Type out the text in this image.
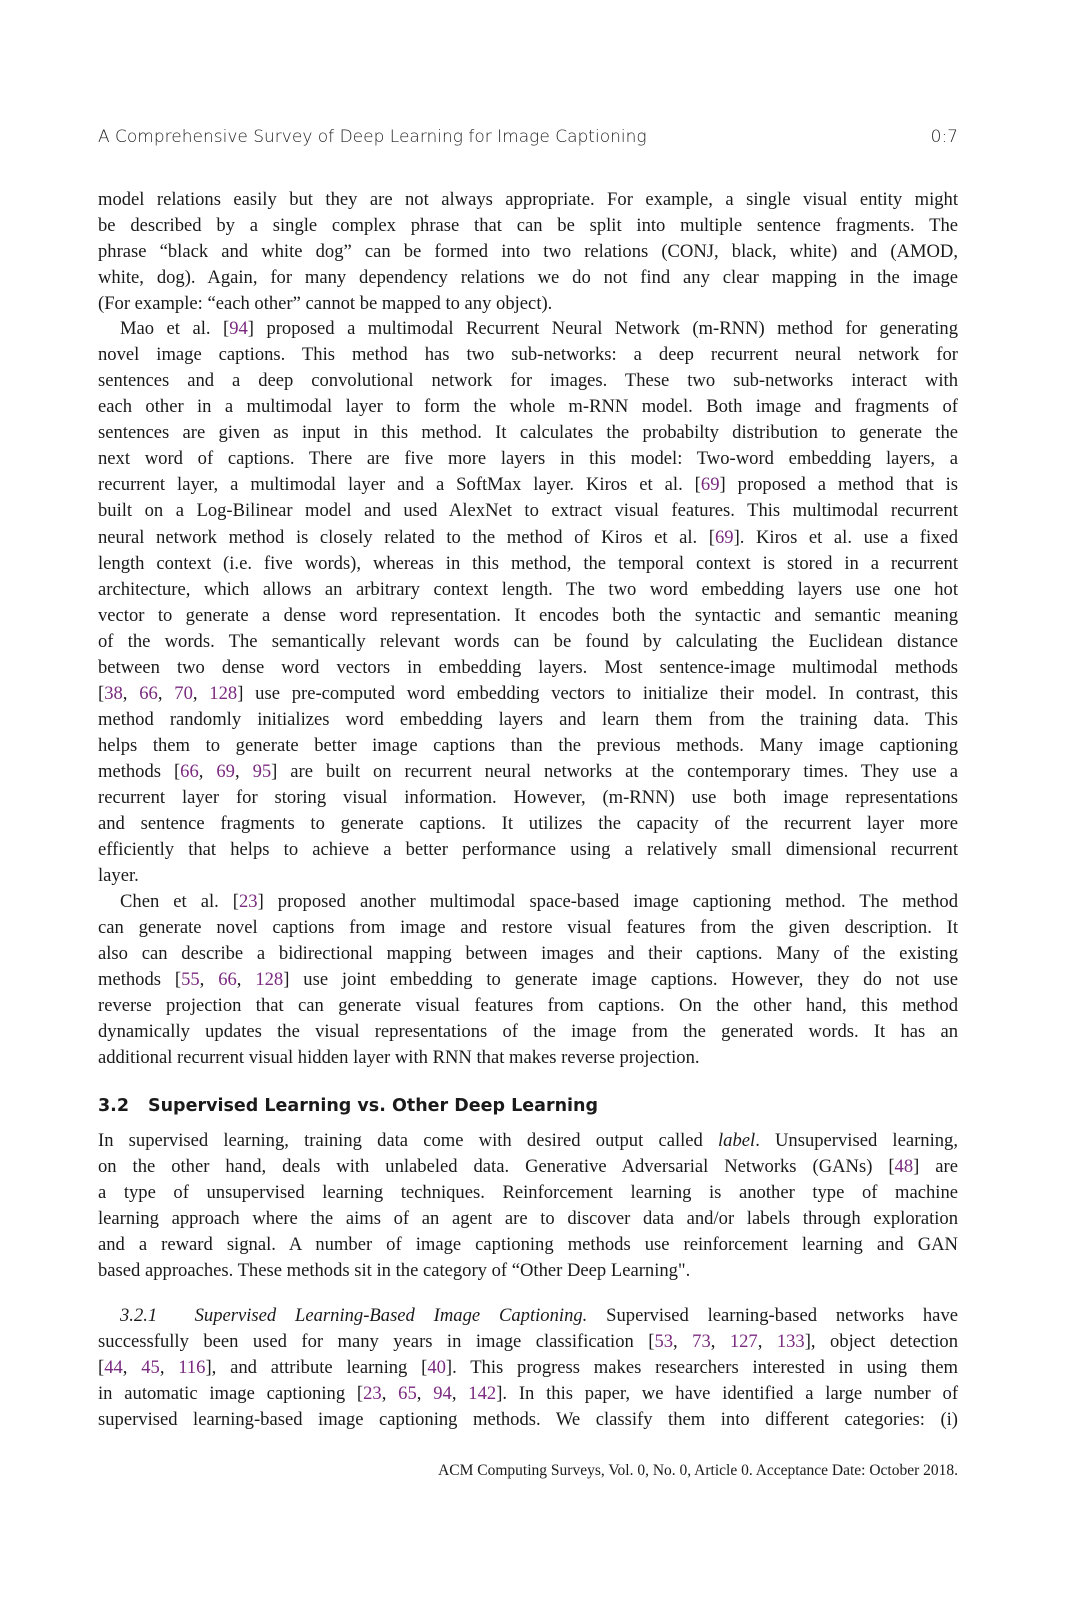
A Comprehensive Survey of Deep Learning for Image Captioning	0:7
model relations easily but they are not always appropriate. For example, a single visual entity might
be described by a single complex phrase that can be split into multiple sentence fragments. The
phrase “black and white dog” can be formed into two relations (CONJ, black, white) and (AMOD,
white, dog). Again, for many dependency relations we do not find any clear mapping in the image
(For example: “each other” cannot be mapped to any object).
Mao et al. [94] proposed a multimodal Recurrent Neural Network (m-RNN) method for generating
novel image captions. This method has two sub-networks: a deep recurrent neural network for
sentences and a deep convolutional network for images. These two sub-networks interact with
each other in a multimodal layer to form the whole m-RNN model. Both image and fragments of
sentences are given as input in this method. It calculates the probabilty distribution to generate the
next word of captions. There are five more layers in this model: Two-word embedding layers, a
recurrent layer, a multimodal layer and a SoftMax layer. Kiros et al. [69] proposed a method that is
built on a Log-Bilinear model and used AlexNet to extract visual features. This multimodal recurrent
neural network method is closely related to the method of Kiros et al. [69]. Kiros et al. use a fixed
length context (i.e. five words), whereas in this method, the temporal context is stored in a recurrent
architecture, which allows an arbitrary context length. The two word embedding layers use one hot
vector to generate a dense word representation. It encodes both the syntactic and semantic meaning
of the words. The semantically relevant words can be found by calculating the Euclidean distance
between two dense word vectors in embedding layers. Most sentence-image multimodal methods
[38, 66, 70, 128] use pre-computed word embedding vectors to initialize their model. In contrast, this
method randomly initializes word embedding layers and learn them from the training data. This
helps them to generate better image captions than the previous methods. Many image captioning
methods [66, 69, 95] are built on recurrent neural networks at the contemporary times. They use a
recurrent layer for storing visual information. However, (m-RNN) use both image representations
and sentence fragments to generate captions. It utilizes the capacity of the recurrent layer more
efficiently that helps to achieve a better performance using a relatively small dimensional recurrent
layer.
Chen et al. [23] proposed another multimodal space-based image captioning method. The method
can generate novel captions from image and restore visual features from the given description. It
also can describe a bidirectional mapping between images and their captions. Many of the existing
methods [55, 66, 128] use joint embedding to generate image captions. However, they do not use
reverse projection that can generate visual features from captions. On the other hand, this method
dynamically updates the visual representations of the image from the generated words. It has an
additional recurrent visual hidden layer with RNN that makes reverse projection.
In supervised learning, training data come with desired output called label. Unsupervised learning,
on the other hand, deals with unlabeled data. Generative Adversarial Networks (GANs) [48] are
a type of unsupervised learning techniques. Reinforcement learning is another type of machine
learning approach where the aims of an agent are to discover data and/or labels through exploration
and a reward signal. A number of image captioning methods use reinforcement learning and GAN
based approaches. These methods sit in the category of “Other Deep Learning".
3.2.1  Supervised Learning-Based Image Captioning. Supervised learning-based networks have
successfully been used for many years in image classification [53, 73, 127, 133], object detection
[44, 45, 116], and attribute learning [40]. This progress makes researchers interested in using them
in automatic image captioning [23, 65, 94, 142]. In this paper, we have identified a large number of
supervised learning-based image captioning methods. We classify them into different categories: (i)
3.2 Supervised Learning vs. Other Deep Learning
ACM Computing Surveys, Vol. 0, No. 0, Article 0. Acceptance Date: October 2018.
